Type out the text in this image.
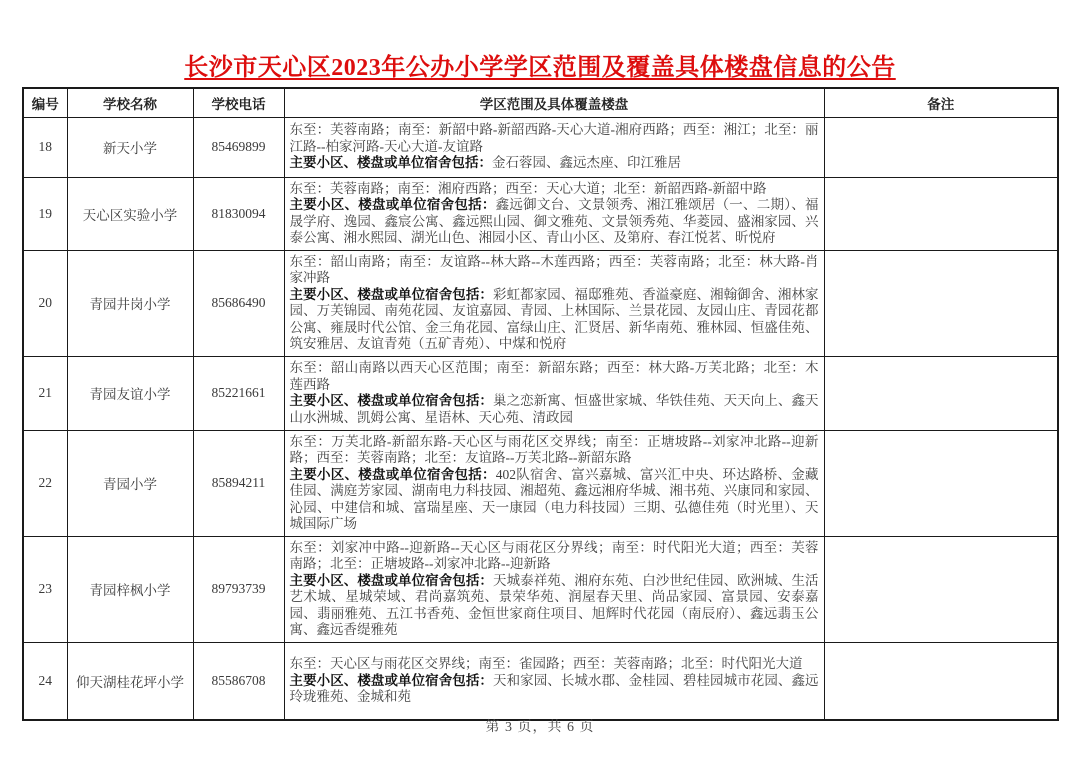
长沙市天心区2023年公办小学学区范围及覆盖具体楼盘信息的公告
编号	学校名称	学校电话	学区范围及具体覆盖楼盘	备注
18	新天小学	85469899	东至：芙蓉南路；南至：新韶中路-新韶西路-天心大道-湘府西路；西至：湘江；北至：丽江路--柏家河路-天心大道-友谊路
主要小区、楼盘或单位宿舍包括：金石蓉园、鑫远杰座、印江雅居	

19	天心区实验小学	81830094	东至：芙蓉南路；南至：湘府西路；西至：天心大道；北至：新韶西路-新韶中路
主要小区、楼盘或单位宿舍包括：鑫远御文台、文景领秀、湘江雅颂居（一、二期）、福晟学府、逸园、鑫宸公寓、鑫远熙山园、御文雅苑、文景领秀苑、华菱园、盛湘家园、兴泰公寓、湘水熙园、湖光山色、湘园小区、青山小区、及第府、春江悦茗、昕悦府	

20	青园井岗小学	85686490	东至：韶山南路；南至：友谊路--林大路--木莲西路；西至：芙蓉南路；北至：林大路-肖家冲路
主要小区、楼盘或单位宿舍包括：彩虹都家园、福邸雅苑、香溢豪庭、湘翰御舍、湘林家园、万芙锦园、南苑花园、友谊嘉园、青园、上林国际、兰景花园、友园山庄、青园花都公寓、雍晟时代公馆、金三角花园、富绿山庄、汇贤居、新华南苑、雅林园、恒盛佳苑、筑安雅居、友谊青苑（五矿青苑）、中煤和悦府	

21	青园友谊小学	85221661	东至：韶山南路以西天心区范围；南至：新韶东路；西至：林大路-万芙北路；北至：木莲西路
主要小区、楼盘或单位宿舍包括：巢之恋新寓、恒盛世家城、华铁佳苑、天天向上、鑫天山水洲城、凯姆公寓、星语林、天心苑、清政园	

22	青园小学	85894211	东至：万芙北路-新韶东路-天心区与雨花区交界线；南至：正塘坡路--刘家冲北路--迎新路；西至：芙蓉南路；北至：友谊路--万芙北路--新韶东路
主要小区、楼盘或单位宿舍包括：402队宿舍、富兴嘉城、富兴汇中央、环达路桥、金藏佳园、满庭芳家园、湖南电力科技园、湘超苑、鑫远湘府华城、湘书苑、兴康同和家园、沁园、中建信和城、富瑞星座、天一康园（电力科技园）三期、弘德佳苑（时光里）、天城国际广场	

23	青园梓枫小学	89793739	东至：刘家冲中路--迎新路--天心区与雨花区分界线；南至：时代阳光大道；西至：芙蓉南路；北至：正塘坡路--刘家冲北路--迎新路
主要小区、楼盘或单位宿舍包括：天城泰祥苑、湘府东苑、白沙世纪佳园、欧洲城、生活艺术城、星城荣域、君尚嘉筑苑、景荣华苑、润屋春天里、尚品家园、富景园、安泰嘉园、翡丽雅苑、五江书香苑、金恒世家商住项目、旭辉时代花园（南辰府）、鑫远翡玉公寓、鑫远香缇雅苑	

24	仰天湖桂花坪小学	85586708	东至：天心区与雨花区交界线；南至：雀园路；西至：芙蓉南路；北至：时代阳光大道
主要小区、楼盘或单位宿舍包括：天和家园、长城水郡、金桂园、碧桂园城市花园、鑫远玲珑雅苑、金城和苑	

第 3 页，共 6 页
